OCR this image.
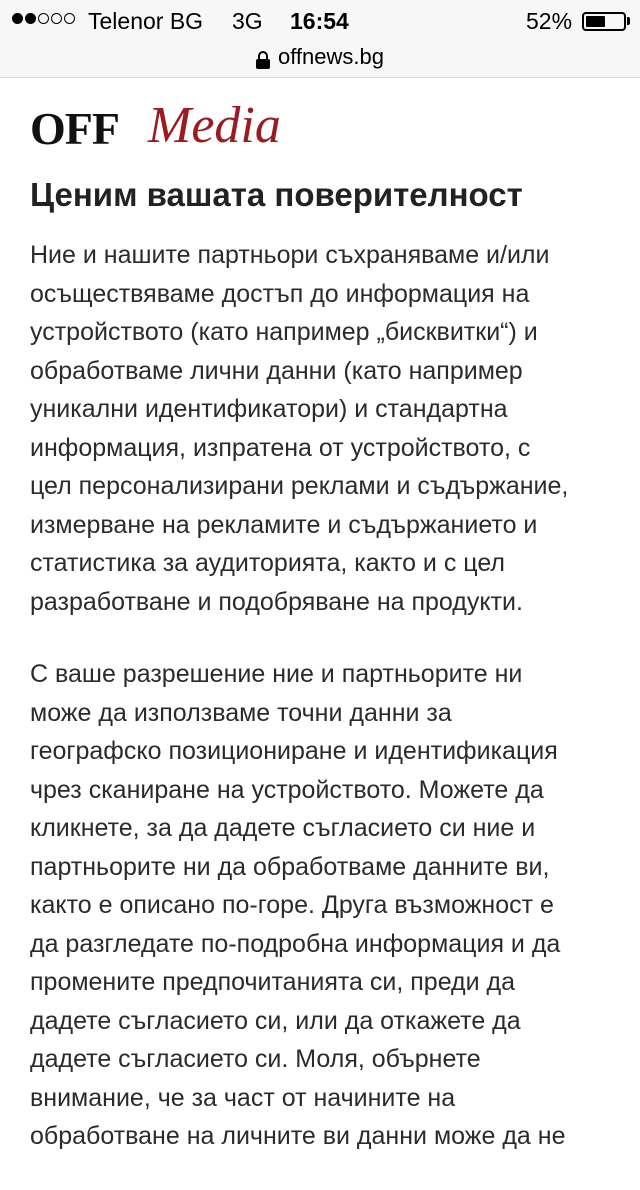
Telenor BG 3G 16:54	52%
offnews.bg
OFF Media
Ценим вашата поверителност

Ние и нашите партньори съхраняваме и/или
осъществяваме достъп до информация на
устройството (като например „бисквитки“) и
обработваме лични данни (като например
уникални идентификатори) и стандартна
информация, изпратена от устройството, с
цел персонализирани реклами и съдържание,
измерване на рекламите и съдържанието и
статистика за аудиторията, както и с цел
разработване и подобряване на продукти.

С ваше разрешение ние и партньорите ни
може да използваме точни данни за
географско позициониране и идентификация
чрез сканиране на устройството. Можете да
кликнете, за да дадете съгласието си ние и
партньорите ни да обработваме данните ви,
както е описано по-горе. Друга възможност е
да разгледате по-подробна информация и да
промените предпочитанията си, преди да
дадете съгласието си, или да откажете да
дадете съгласието си. Моля, обърнете
внимание, че за част от начините на
обработване на личните ви данни може да не
